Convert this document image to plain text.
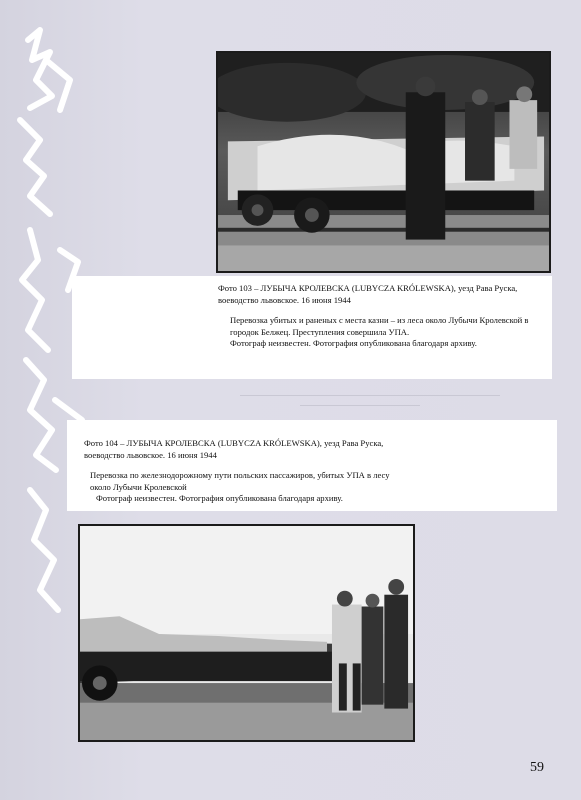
Фото 103 – ЛУБЫЧА КРОЛЕВСКА (LUBYCZA KRÓLEWSKA), уезд Рава Руска, воеводство львовское. 16 июня 1944

Перевозка убитых и раненых с места казни – из леса около Лубычи Кролевской в городок Белжец. Преступления совершила УПА.

Фотограф неизвестен. Фотография опубликована благодаря архиву.

Фото 104 – ЛУБЫЧА КРОЛЕВСКА (LUBYCZA KRÓLEWSKA), уезд Рава Руска, воеводство львовское. 16 июня 1944

Перевозка по железнодорожному пути польских пассажиров, убитых УПА в лесу около Лубычи Кролевской

Фотограф неизвестен. Фотография опубликована благодаря архиву.

59
